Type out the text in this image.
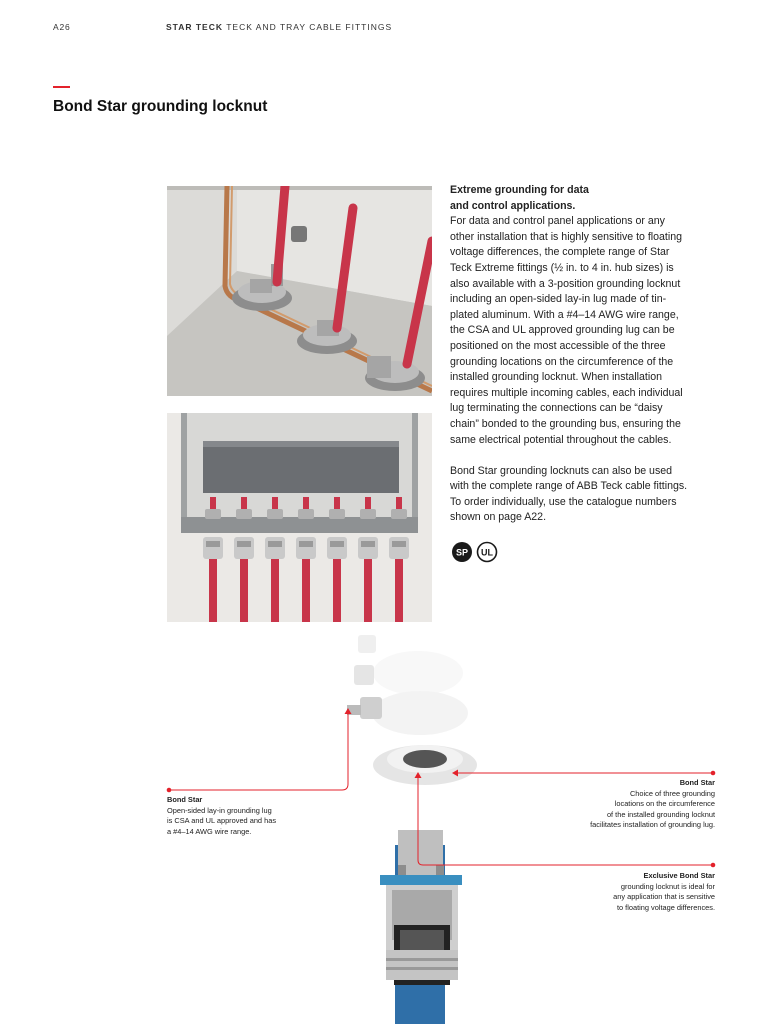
A26	STAR TECK TECK AND TRAY CABLE FITTINGS
Bond Star grounding locknut

Extreme grounding for data

and control applications.

For data and control panel applications or any

other installation that is highly sensitive to floating

voltage differences, the complete range of Star

Teck Extreme fittings (½ in. to 4 in. hub sizes) is

also available with a 3-position grounding locknut

including an open-sided lay-in lug made of tin-

plated aluminum. With a #4–14 AWG wire range,

the CSA and UL approved grounding lug can be

positioned on the most accessible of the three

grounding locations on the circumference of the

installed grounding locknut. When installation

requires multiple incoming cables, each individual

lug terminating the connections can be “daisy

chain” bonded to the grounding bus, ensuring the

same electrical potential throughout the cables.

Bond Star grounding locknuts can also be used

with the complete range of ABB Teck cable fittings.

To order individually, use the catalogue numbers

shown on page A22.

SP UL
Bond Star
Open-sided lay-in grounding lug
is CSA and UL approved and has
a #4–14 AWG wire range.
Bond Star
Choice of three grounding
locations on the circumference
of the installed grounding locknut
facilitates installation of grounding lug.
Exclusive Bond Star
grounding locknut is ideal for
any application that is sensitive
to floating voltage differences.
